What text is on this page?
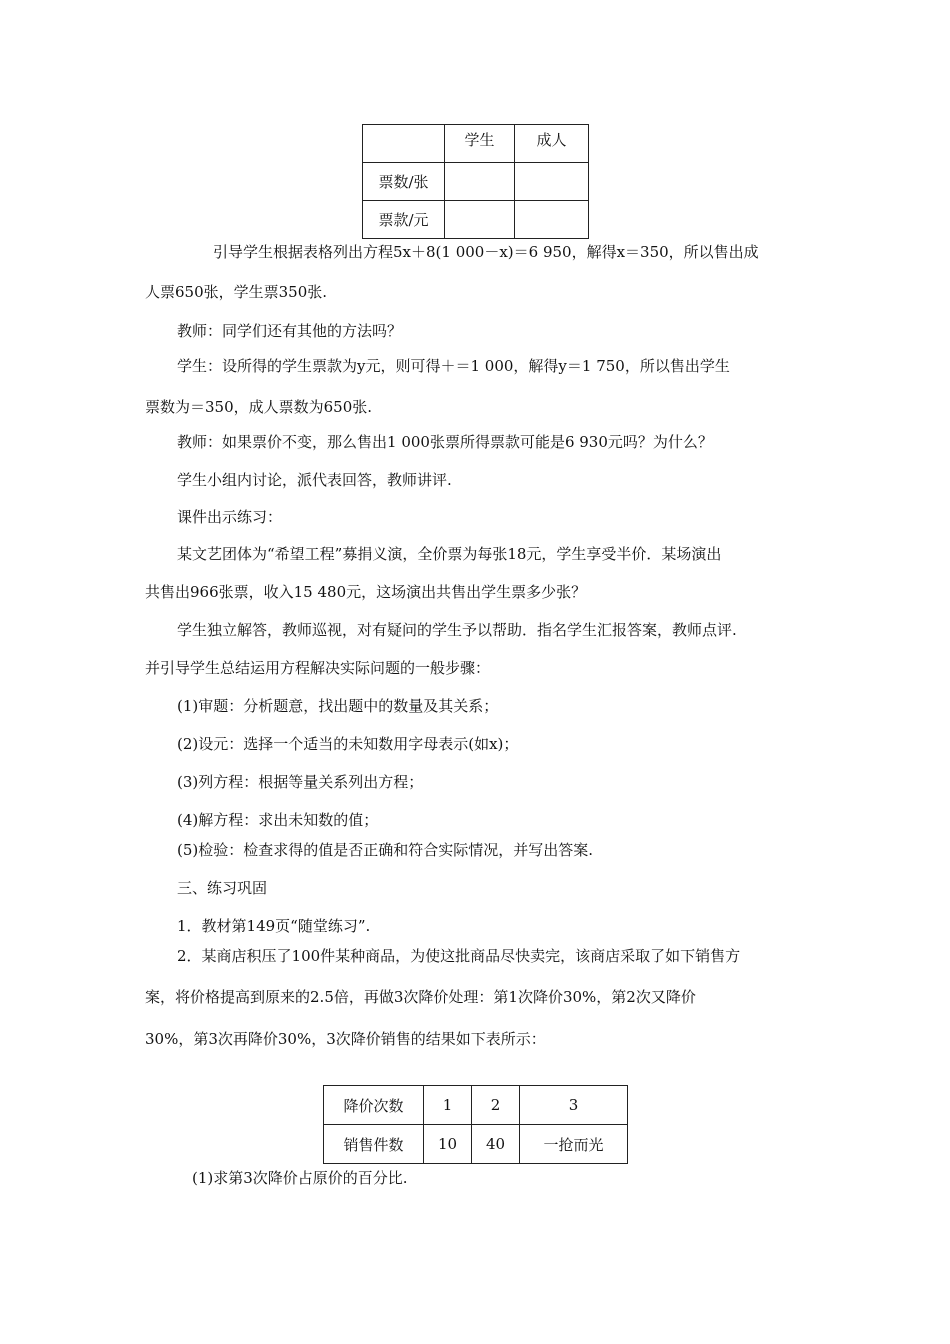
	学生	成人
票数/张		
票款/元		
引导学生根据表格列出方程5x＋8(1 000－x)＝6 950，解得x＝350，所以售出成
人票650张，学生票350张.
教师：同学们还有其他的方法吗？
学生：设所得的学生票款为y元，则可得＋＝1 000，解得y＝1 750，所以售出学生
票数为＝350，成人票数为650张.
教师：如果票价不变，那么售出1 000张票所得票款可能是6 930元吗？为什么？
学生小组内讨论，派代表回答，教师讲评.
课件出示练习：
某文艺团体为“希望工程”募捐义演，全价票为每张18元，学生享受半价．某场演出
共售出966张票，收入15 480元，这场演出共售出学生票多少张？
学生独立解答，教师巡视，对有疑问的学生予以帮助．指名学生汇报答案，教师点评.
并引导学生总结运用方程解决实际问题的一般步骤：
(1)审题：分析题意，找出题中的数量及其关系；
(2)设元：选择一个适当的未知数用字母表示(如x)；
(3)列方程：根据等量关系列出方程；
(4)解方程：求出未知数的值；
(5)检验：检查求得的值是否正确和符合实际情况，并写出答案.
三、练习巩固
1．教材第149页“随堂练习”.
2．某商店积压了100件某种商品，为使这批商品尽快卖完，该商店采取了如下销售方
案，将价格提高到原来的2.5倍，再做3次降价处理：第1次降价30%，第2次又降价
30%，第3次再降价30%，3次降价销售的结果如下表所示：
降价次数	1	2	3
销售件数	10	40	一抢而光
(1)求第3次降价占原价的百分比.
